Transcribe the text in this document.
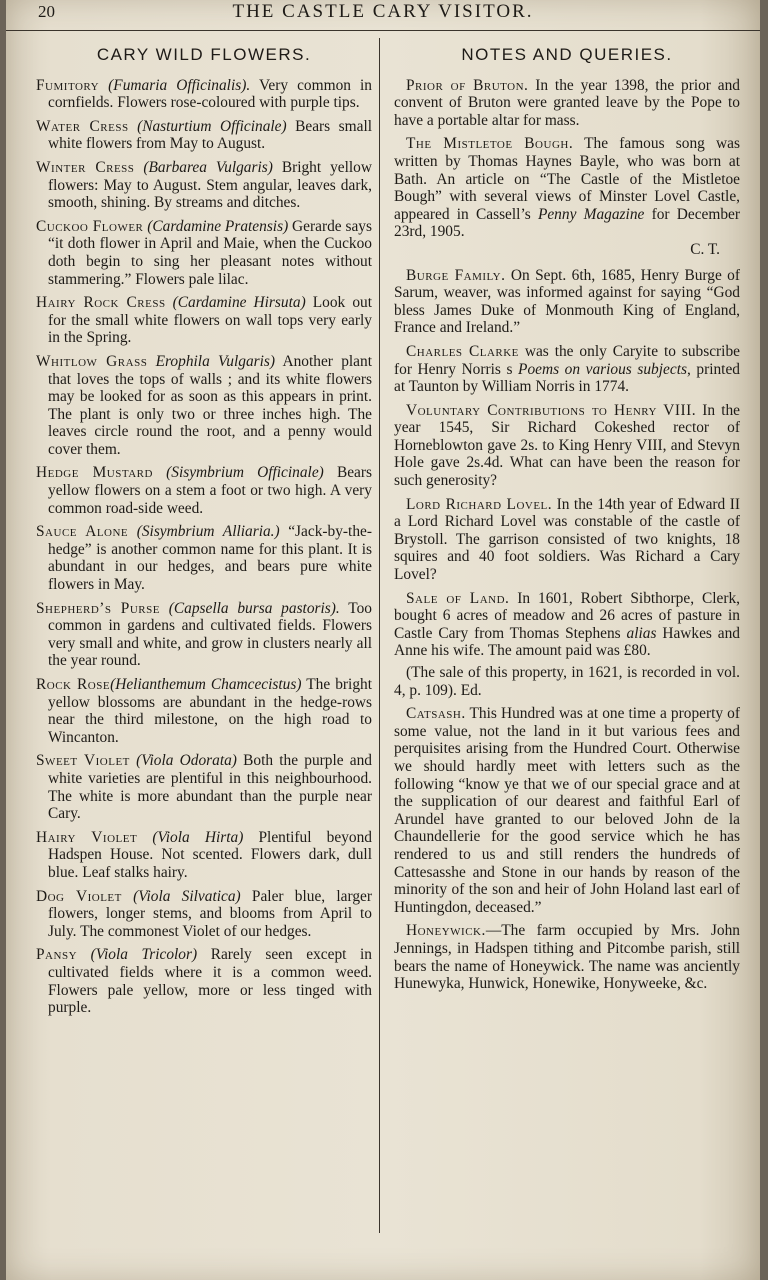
20	THE CASTLE CARY VISITOR.
CARY WILD FLOWERS.
Fumitory (Fumaria Officinalis). Very common in cornfields. Flowers rose-coloured with purple tips.
Water Cress (Nasturtium Officinale) Bears small white flowers from May to August.
Winter Cress (Barbarea Vulgaris) Bright yellow flowers: May to August. Stem angular, leaves dark, smooth, shining. By streams and ditches.
Cuckoo Flower (Cardamine Pratensis) Gerarde says “it doth flower in April and Maie, when the Cuckoo doth begin to sing her pleasant notes without stammering.” Flowers pale lilac.
Hairy Rock Cress (Cardamine Hirsuta) Look out for the small white flowers on wall tops very early in the Spring.
Whitlow Grass Erophila Vulgaris) Another plant that loves the tops of walls ; and its white flowers may be looked for as soon as this appears in print. The plant is only two or three inches high. The leaves circle round the root, and a penny would cover them.
Hedge Mustard (Sisymbrium Officinale) Bears yellow flowers on a stem a foot or two high. A very common road-side weed.
Sauce Alone (Sisymbrium Alliaria.) “Jack-by-the-hedge” is another common name for this plant. It is abundant in our hedges, and bears pure white flowers in May.
Shepherd’s Purse (Capsella bursa pastoris). Too common in gardens and cultivated fields. Flowers very small and white, and grow in clusters nearly all the year round.
Rock Rose(Helianthemum Chamcecistus) The bright yellow blossoms are abundant in the hedge-rows near the third milestone, on the high road to Wincanton.
Sweet Violet (Viola Odorata) Both the purple and white varieties are plentiful in this neighbourhood. The white is more abundant than the purple near Cary.
Hairy Violet (Viola Hirta) Plentiful beyond Hadspen House. Not scented. Flowers dark, dull blue. Leaf stalks hairy.
Dog Violet (Viola Silvatica) Paler blue, larger flowers, longer stems, and blooms from April to July. The commonest Violet of our hedges.
Pansy (Viola Tricolor) Rarely seen except in cultivated fields where it is a common weed. Flowers pale yellow, more or less tinged with purple.
NOTES AND QUERIES.
Prior of Bruton. In the year 1398, the prior and convent of Bruton were granted leave by the Pope to have a portable altar for mass.
The Mistletoe Bough. The famous song was written by Thomas Haynes Bayle, who was born at Bath. An article on “The Castle of the Mistletoe Bough” with several views of Minster Lovel Castle, appeared in Cassell’s Penny Magazine for December 23rd, 1905.
C. T.
Burge Family. On Sept. 6th, 1685, Henry Burge of Sarum, weaver, was informed against for saying “God bless James Duke of Monmouth King of England, France and Ireland.”
Charles Clarke was the only Caryite to subscribe for Henry Norris s Poems on various subjects, printed at Taunton by William Norris in 1774.
Voluntary Contributions to Henry VIII. In the year 1545, Sir Richard Cokeshed rector of Horneblowton gave 2s. to King Henry VIII, and Stevyn Hole gave 2s.4d. What can have been the reason for such generosity?
Lord Richard Lovel. In the 14th year of Edward II a Lord Richard Lovel was constable of the castle of Brystoll. The garrison consisted of two knights, 18 squires and 40 foot soldiers. Was Richard a Cary Lovel?
Sale of Land. In 1601, Robert Sibthorpe, Clerk, bought 6 acres of meadow and 26 acres of pasture in Castle Cary from Thomas Stephens alias Hawkes and Anne his wife. The amount paid was £80.
(The sale of this property, in 1621, is recorded in vol. 4, p. 109). Ed.
Catsash. This Hundred was at one time a property of some value, not the land in it but various fees and perquisites arising from the Hundred Court. Otherwise we should hardly meet with letters such as the following “know ye that we of our special grace and at the supplication of our dearest and faithful Earl of Arundel have granted to our beloved John de la Chaundellerie for the good service which he has rendered to us and still renders the hundreds of Cattesasshe and Stone in our hands by reason of the minority of the son and heir of John Holand last earl of Huntingdon, deceased.”
Honeywick.—The farm occupied by Mrs. John Jennings, in Hadspen tithing and Pitcombe parish, still bears the name of Honeywick. The name was anciently Hunewyka, Hunwick, Honewike, Honyweeke, &c.
